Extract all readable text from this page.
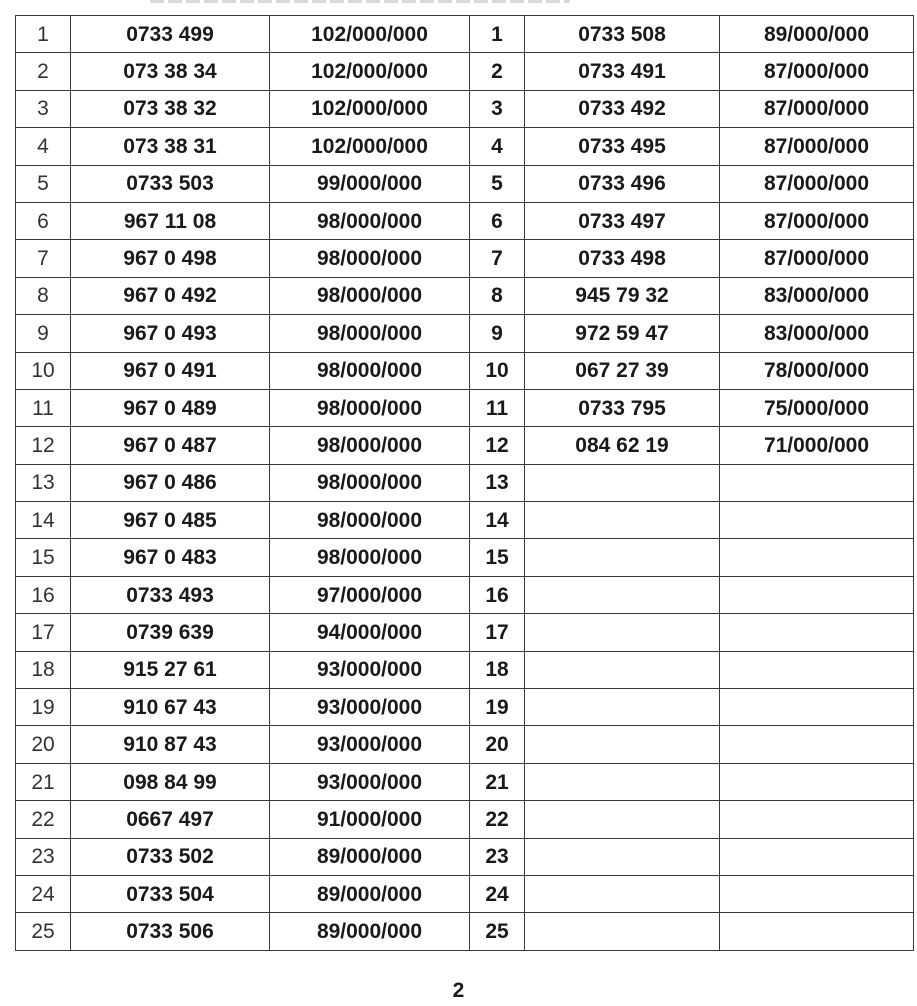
1	0733 499	102/000/000	1	0733 508	89/000/000
2	073 38 34	102/000/000	2	0733 491	87/000/000
3	073 38 32	102/000/000	3	0733 492	87/000/000
4	073 38 31	102/000/000	4	0733 495	87/000/000
5	0733 503	99/000/000	5	0733 496	87/000/000
6	967 11 08	98/000/000	6	0733 497	87/000/000
7	967 0 498	98/000/000	7	0733 498	87/000/000
8	967 0 492	98/000/000	8	945 79 32	83/000/000
9	967 0 493	98/000/000	9	972 59 47	83/000/000
10	967 0 491	98/000/000	10	067 27 39	78/000/000
11	967 0 489	98/000/000	11	0733 795	75/000/000
12	967 0 487	98/000/000	12	084 62 19	71/000/000
13	967 0 486	98/000/000	13		
14	967 0 485	98/000/000	14		
15	967 0 483	98/000/000	15		
16	0733 493	97/000/000	16		
17	0739 639	94/000/000	17		
18	915 27 61	93/000/000	18		
19	910 67 43	93/000/000	19		
20	910 87 43	93/000/000	20		
21	098 84 99	93/000/000	21		
22	0667 497	91/000/000	22		
23	0733 502	89/000/000	23		
24	0733 504	89/000/000	24		
25	0733 506	89/000/000	25		
2
